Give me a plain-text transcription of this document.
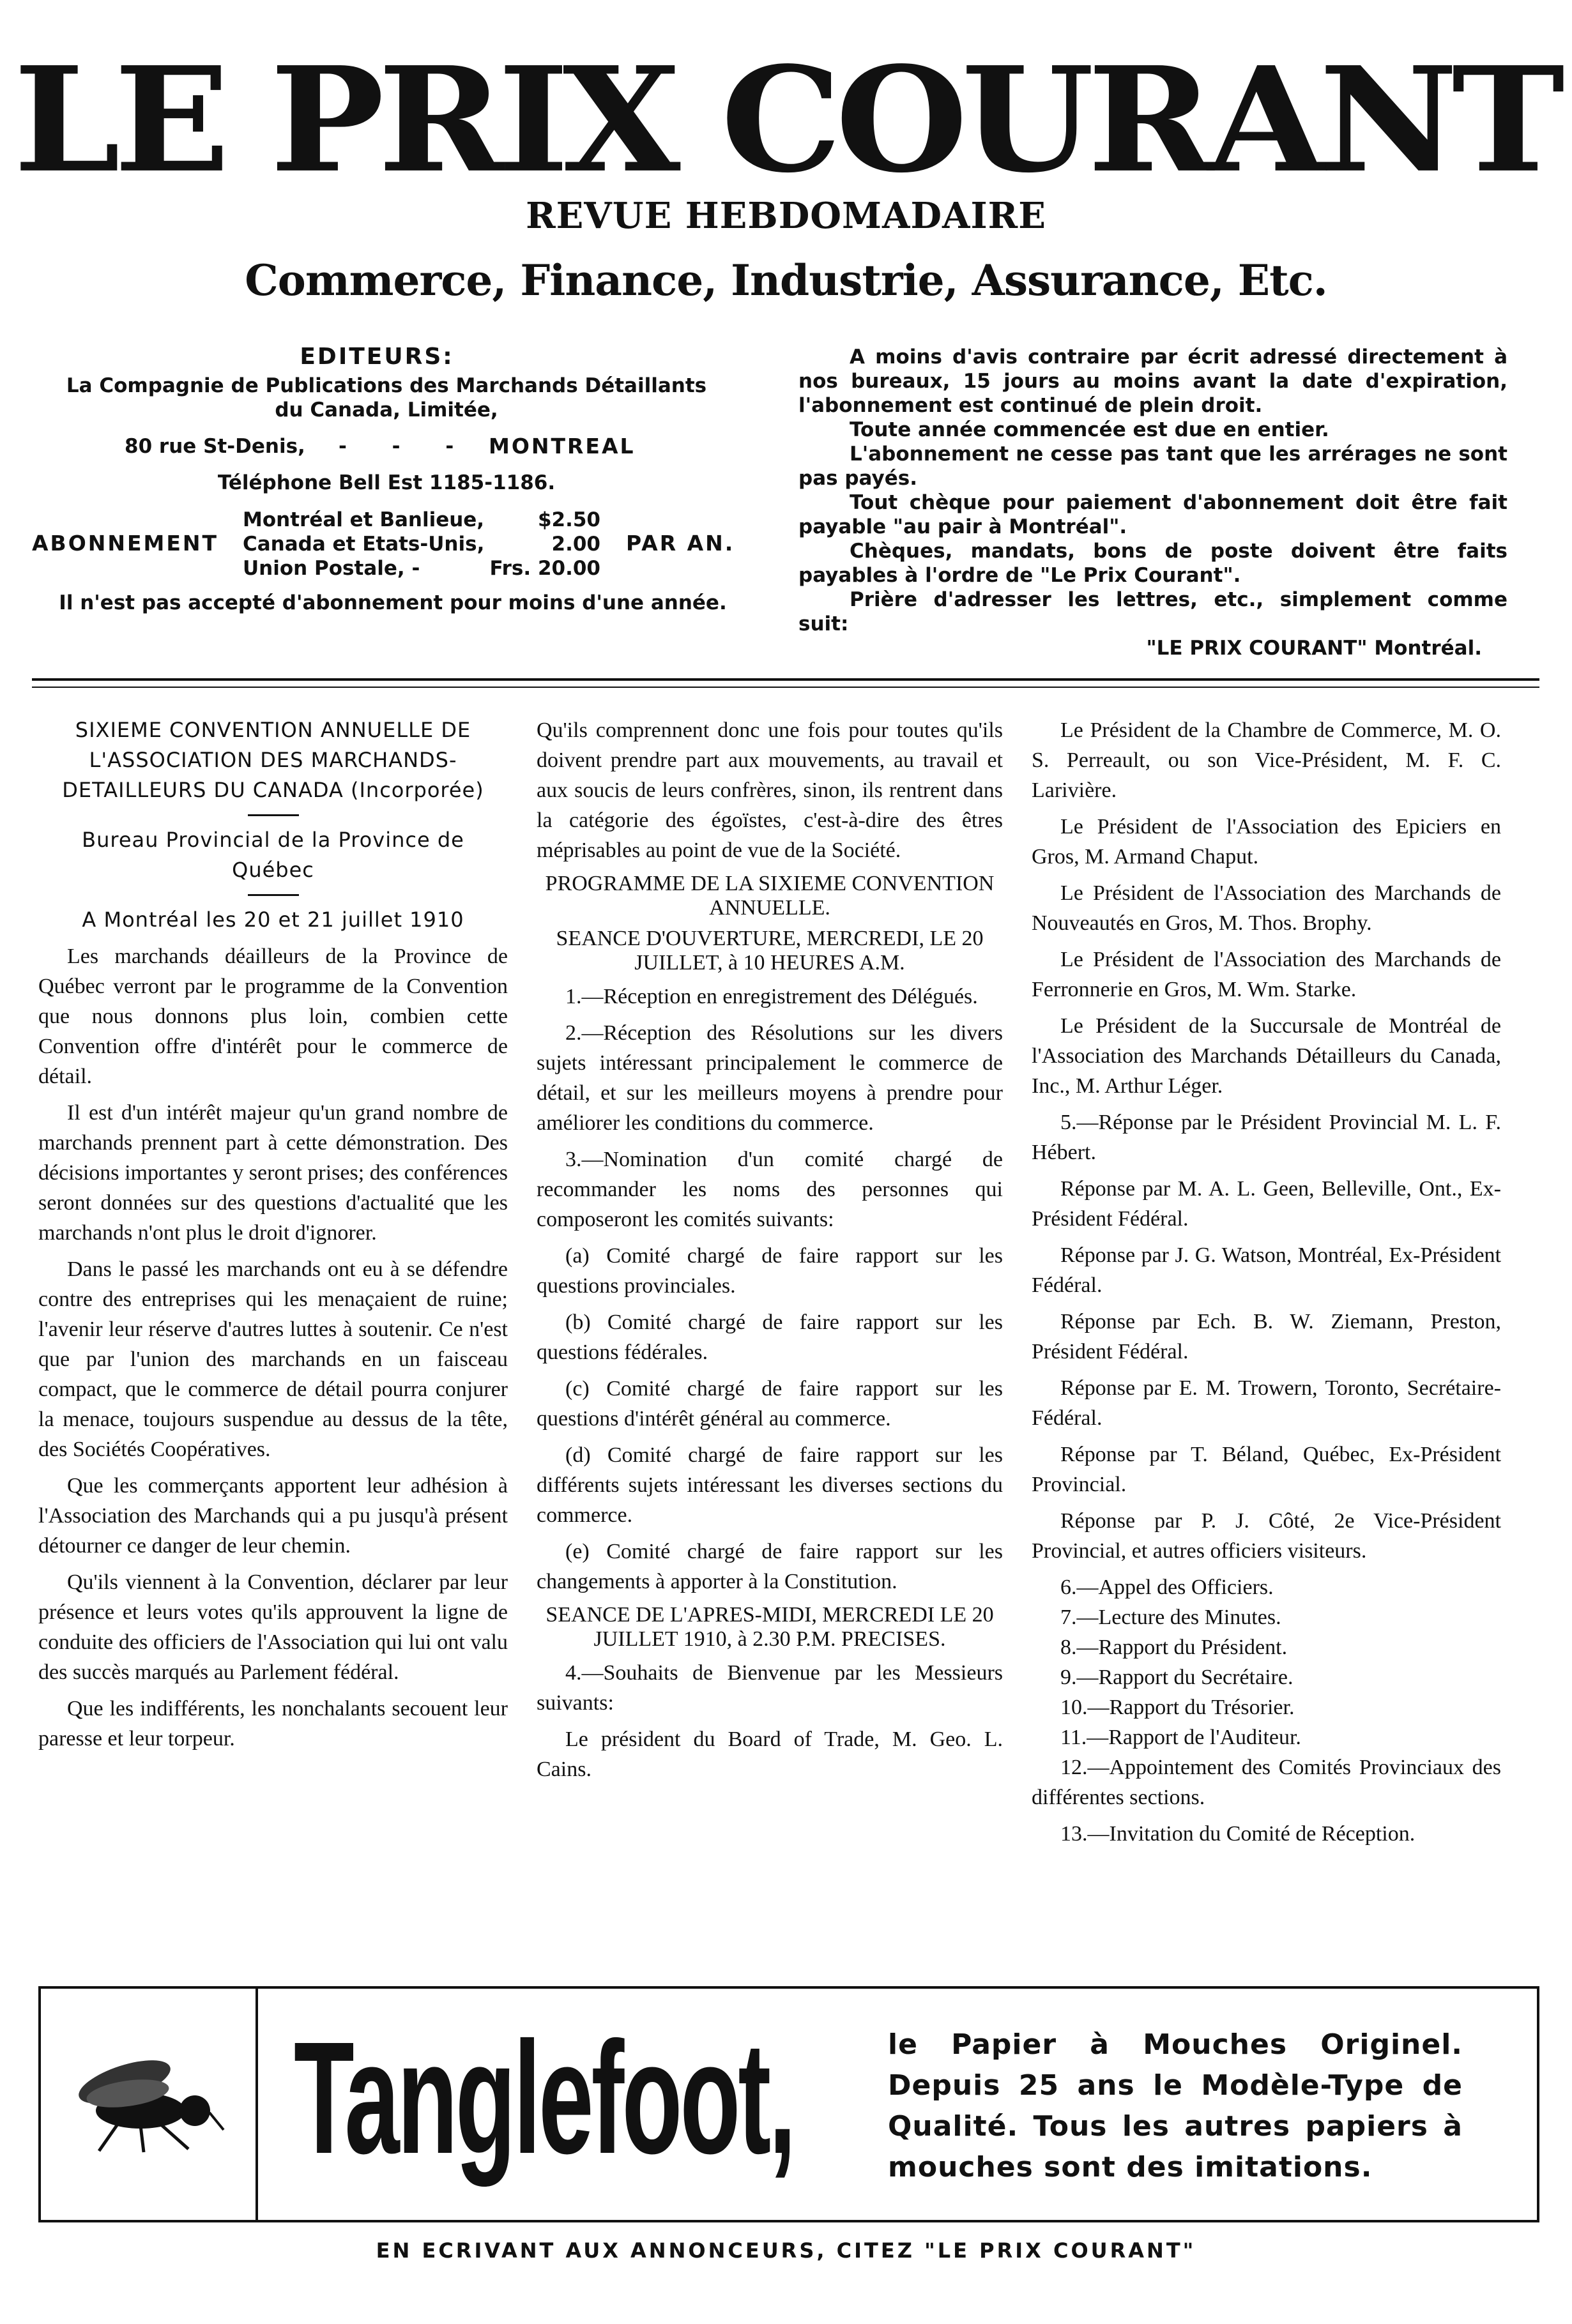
LE PRIX COURANT
REVUE HEBDOMADAIRE
Commerce, Finance, Industrie, Assurance, Etc.
EDITEURS:
La Compagnie de Publications des Marchands Détaillants
du Canada, Limitée,
80 rue St-Denis, - - - MONTREAL
Téléphone Bell Est 1185-1186.
ABONNEMENT
Montréal et Banlieue,	$2.50
Canada et Etats-Unis,	2.00
Union Postale, -	Frs. 20.00
PAR AN.
Il n'est pas accepté d'abonnement pour moins d'une année.

A moins d'avis contraire par écrit adressé directement à nos bureaux, 15 jours au moins avant la date d'expiration, l'abonnement est continué de plein droit.

Toute année commencée est due en entier.

L'abonnement ne cesse pas tant que les arrérages ne sont pas payés.

Tout chèque pour paiement d'abonnement doit être fait payable "au pair à Montréal".

Chèques, mandats, bons de poste doivent être faits payables à l'ordre de "Le Prix Courant".

Prière d'adresser les lettres, etc., simplement comme suit:

"LE PRIX COURANT" Montréal.

SIXIEME CONVENTION ANNUELLE DE L'ASSOCIATION DES MARCHANDS-DETAILLEURS DU CANADA (Incorporée)

Bureau Provincial de la Province de Québec

A Montréal les 20 et 21 juillet 1910

Les marchands déailleurs de la Province de Québec verront par le programme de la Convention que nous donnons plus loin, combien cette Convention offre d'intérêt pour le commerce de détail.

Il est d'un intérêt majeur qu'un grand nombre de marchands prennent part à cette démonstration. Des décisions importantes y seront prises; des conférences seront données sur des questions d'actualité que les marchands n'ont plus le droit d'ignorer.

Dans le passé les marchands ont eu à se défendre contre des entreprises qui les menaçaient de ruine; l'avenir leur réserve d'autres luttes à soutenir. Ce n'est que par l'union des marchands en un faisceau compact, que le commerce de détail pourra conjurer la menace, toujours suspendue au dessus de la tête, des Sociétés Coopératives.

Que les commerçants apportent leur adhésion à l'Association des Marchands qui a pu jusqu'à présent détourner ce danger de leur chemin.

Qu'ils viennent à la Convention, déclarer par leur présence et leurs votes qu'ils approuvent la ligne de conduite des officiers de l'Association qui lui ont valu des succès marqués au Parlement fédéral.

Que les indifférents, les nonchalants secouent leur paresse et leur torpeur.

Qu'ils comprennent donc une fois pour toutes qu'ils doivent prendre part aux mouvements, au travail et aux soucis de leurs confrères, sinon, ils rentrent dans la catégorie des égoïstes, c'est-à-dire des êtres méprisables au point de vue de la Société.

PROGRAMME DE LA SIXIEME CONVENTION ANNUELLE.

SEANCE D'OUVERTURE, MERCREDI, LE 20 JUILLET, à 10 HEURES A.M.

1.—Réception en enregistrement des Délégués.

2.—Réception des Résolutions sur les divers sujets intéressant principalement le commerce de détail, et sur les meilleurs moyens à prendre pour améliorer les conditions du commerce.

3.—Nomination d'un comité chargé de recommander les noms des personnes qui composeront les comités suivants:

(a) Comité chargé de faire rapport sur les questions provinciales.

(b) Comité chargé de faire rapport sur les questions fédérales.

(c) Comité chargé de faire rapport sur les questions d'intérêt général au commerce.

(d) Comité chargé de faire rapport sur les différents sujets intéressant les diverses sections du commerce.

(e) Comité chargé de faire rapport sur les changements à apporter à la Constitution.

SEANCE DE L'APRES-MIDI, MERCREDI LE 20 JUILLET 1910, à 2.30 P.M. PRECISES.

4.—Souhaits de Bienvenue par les Messieurs suivants:

Le président du Board of Trade, M. Geo. L. Cains.

Le Président de la Chambre de Commerce, M. O. S. Perreault, ou son Vice-Président, M. F. C. Larivière.

Le Président de l'Association des Epiciers en Gros, M. Armand Chaput.

Le Président de l'Association des Marchands de Nouveautés en Gros, M. Thos. Brophy.

Le Président de l'Association des Marchands de Ferronnerie en Gros, M. Wm. Starke.

Le Président de la Succursale de Montréal de l'Association des Marchands Détailleurs du Canada, Inc., M. Arthur Léger.

5.—Réponse par le Président Provincial M. L. F. Hébert.

Réponse par M. A. L. Geen, Belleville, Ont., Ex-Président Fédéral.

Réponse par J. G. Watson, Montréal, Ex-Président Fédéral.

Réponse par Ech. B. W. Ziemann, Preston, Président Fédéral.

Réponse par E. M. Trowern, Toronto, Secrétaire-Fédéral.

Réponse par T. Béland, Québec, Ex-Président Provincial.

Réponse par P. J. Côté, 2e Vice-Président Provincial, et autres officiers visiteurs.

6.—Appel des Officiers.

7.—Lecture des Minutes.

8.—Rapport du Président.

9.—Rapport du Secrétaire.

10.—Rapport du Trésorier.

11.—Rapport de l'Auditeur.

12.—Appointement des Comités Provinciaux des différentes sections.

13.—Invitation du Comité de Réception.

Tanglefoot,	le Papier à Mouches Originel. Depuis 25 ans le Modèle-Type de Qualité. Tous les autres papiers à mouches sont des imitations.
EN ECRIVANT AUX ANNONCEURS, CITEZ "LE PRIX COURANT"
